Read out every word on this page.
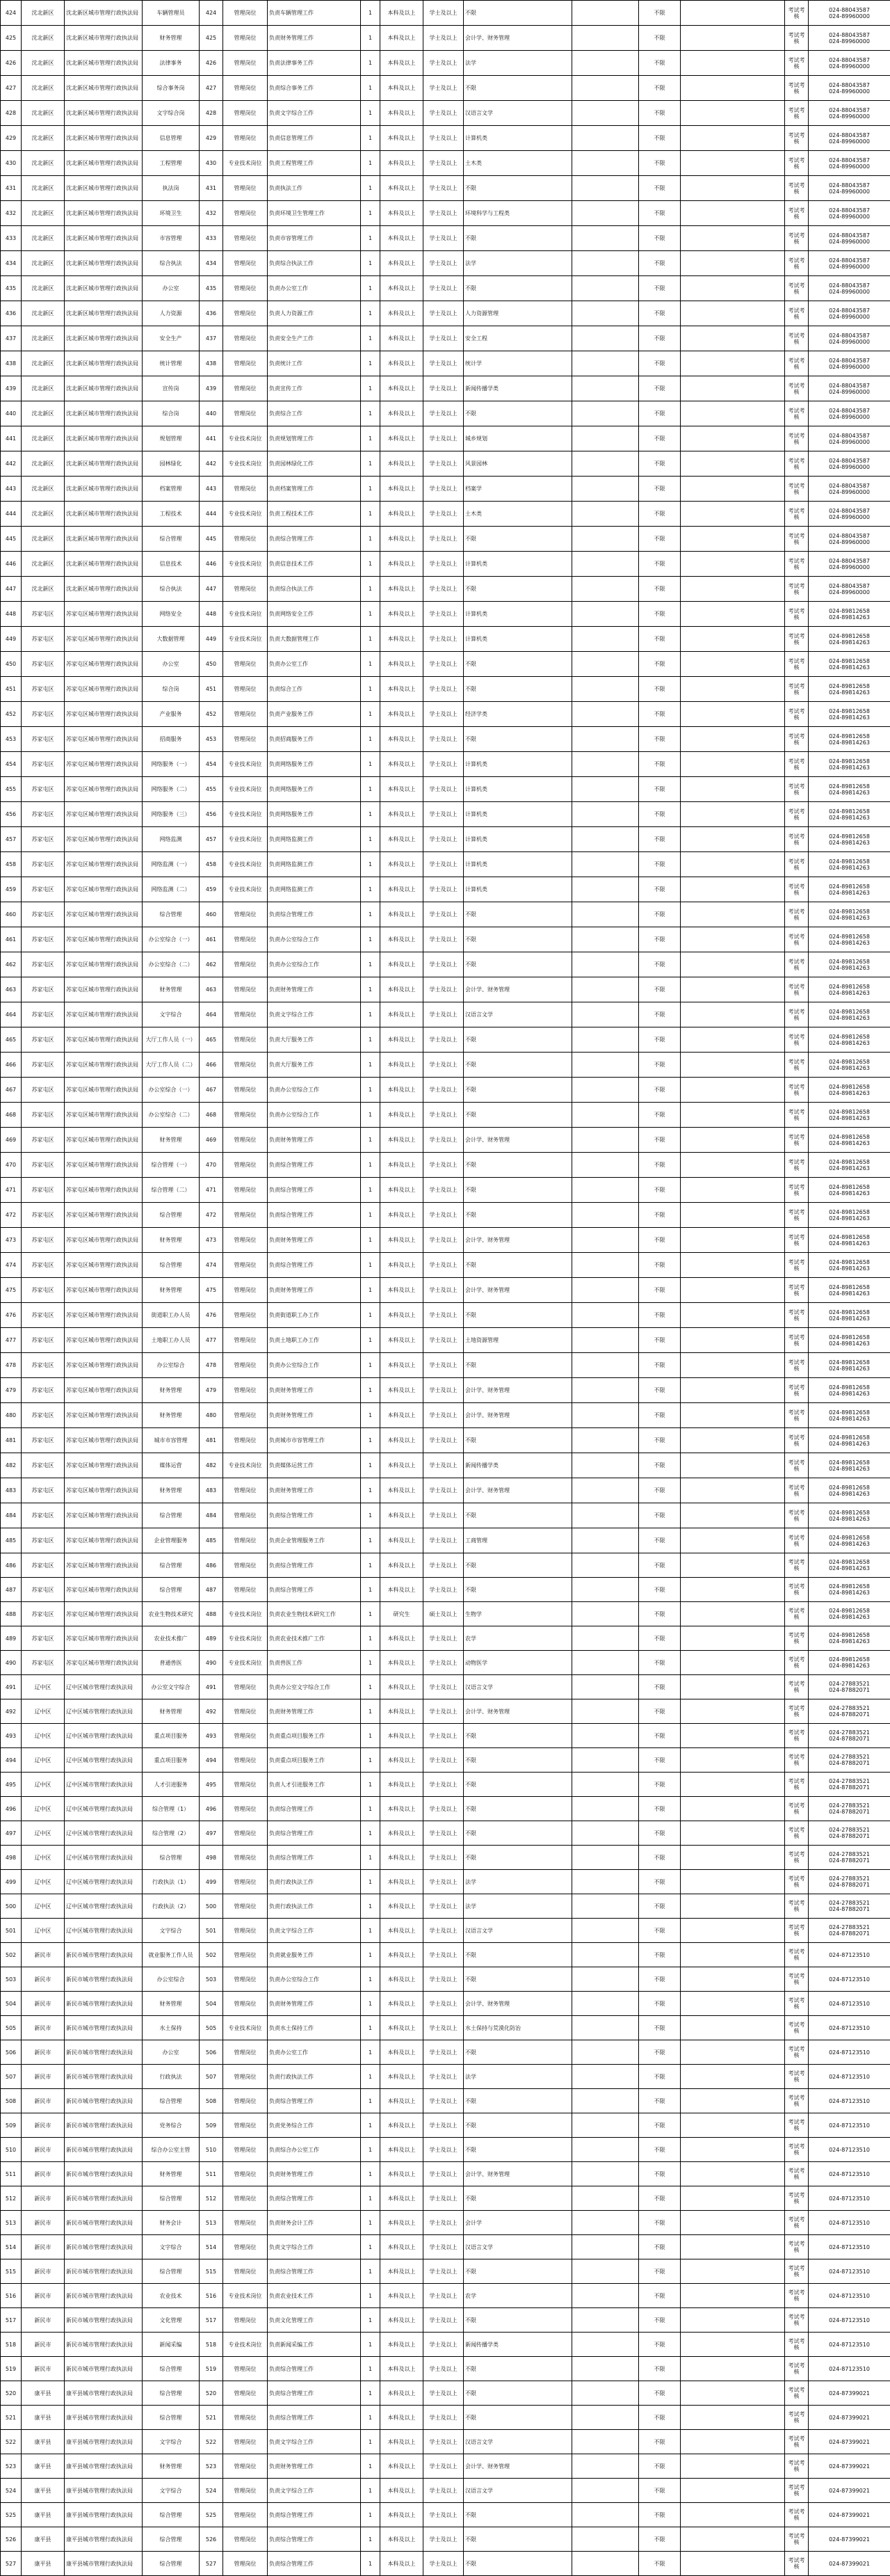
424	沈北新区	沈北新区城市管理行政执法局	车辆管理员	424	管理岗位	负责车辆管理工作	1	本科及以上	学士及以上	不限		不限		考试考核	024-88043587
024-89960000
425	沈北新区	沈北新区城市管理行政执法局	财务管理	425	管理岗位	负责财务管理工作	1	本科及以上	学士及以上	会计学、财务管理		不限		考试考核	024-88043587
024-89960000
426	沈北新区	沈北新区城市管理行政执法局	法律事务	426	管理岗位	负责法律事务工作	1	本科及以上	学士及以上	法学		不限		考试考核	024-88043587
024-89960000
427	沈北新区	沈北新区城市管理行政执法局	综合事务岗	427	管理岗位	负责综合事务工作	1	本科及以上	学士及以上	不限		不限		考试考核	024-88043587
024-89960000
428	沈北新区	沈北新区城市管理行政执法局	文字综合岗	428	管理岗位	负责文字综合工作	1	本科及以上	学士及以上	汉语言文学		不限		考试考核	024-88043587
024-89960000
429	沈北新区	沈北新区城市管理行政执法局	信息管理	429	管理岗位	负责信息管理工作	1	本科及以上	学士及以上	计算机类		不限		考试考核	024-88043587
024-89960000
430	沈北新区	沈北新区城市管理行政执法局	工程管理	430	专业技术岗位	负责工程管理工作	1	本科及以上	学士及以上	土木类		不限		考试考核	024-88043587
024-89960000
431	沈北新区	沈北新区城市管理行政执法局	执法岗	431	管理岗位	负责执法工作	1	本科及以上	学士及以上	不限		不限		考试考核	024-88043587
024-89960000
432	沈北新区	沈北新区城市管理行政执法局	环境卫生	432	管理岗位	负责环境卫生管理工作	1	本科及以上	学士及以上	环境科学与工程类		不限		考试考核	024-88043587
024-89960000
433	沈北新区	沈北新区城市管理行政执法局	市容管理	433	管理岗位	负责市容管理工作	1	本科及以上	学士及以上	不限		不限		考试考核	024-88043587
024-89960000
434	沈北新区	沈北新区城市管理行政执法局	综合执法	434	管理岗位	负责综合执法工作	1	本科及以上	学士及以上	法学		不限		考试考核	024-88043587
024-89960000
435	沈北新区	沈北新区城市管理行政执法局	办公室	435	管理岗位	负责办公室工作	1	本科及以上	学士及以上	不限		不限		考试考核	024-88043587
024-89960000
436	沈北新区	沈北新区城市管理行政执法局	人力资源	436	管理岗位	负责人力资源工作	1	本科及以上	学士及以上	人力资源管理		不限		考试考核	024-88043587
024-89960000
437	沈北新区	沈北新区城市管理行政执法局	安全生产	437	管理岗位	负责安全生产工作	1	本科及以上	学士及以上	安全工程		不限		考试考核	024-88043587
024-89960000
438	沈北新区	沈北新区城市管理行政执法局	统计管理	438	管理岗位	负责统计工作	1	本科及以上	学士及以上	统计学		不限		考试考核	024-88043587
024-89960000
439	沈北新区	沈北新区城市管理行政执法局	宣传岗	439	管理岗位	负责宣传工作	1	本科及以上	学士及以上	新闻传播学类		不限		考试考核	024-88043587
024-89960000
440	沈北新区	沈北新区城市管理行政执法局	综合岗	440	管理岗位	负责综合工作	1	本科及以上	学士及以上	不限		不限		考试考核	024-88043587
024-89960000
441	沈北新区	沈北新区城市管理行政执法局	规划管理	441	专业技术岗位	负责规划管理工作	1	本科及以上	学士及以上	城乡规划		不限		考试考核	024-88043587
024-89960000
442	沈北新区	沈北新区城市管理行政执法局	园林绿化	442	专业技术岗位	负责园林绿化工作	1	本科及以上	学士及以上	风景园林		不限		考试考核	024-88043587
024-89960000
443	沈北新区	沈北新区城市管理行政执法局	档案管理	443	管理岗位	负责档案管理工作	1	本科及以上	学士及以上	档案学		不限		考试考核	024-88043587
024-89960000
444	沈北新区	沈北新区城市管理行政执法局	工程技术	444	专业技术岗位	负责工程技术工作	1	本科及以上	学士及以上	土木类		不限		考试考核	024-88043587
024-89960000
445	沈北新区	沈北新区城市管理行政执法局	综合管理	445	管理岗位	负责综合管理工作	1	本科及以上	学士及以上	不限		不限		考试考核	024-88043587
024-89960000
446	沈北新区	沈北新区城市管理行政执法局	信息技术	446	专业技术岗位	负责信息技术工作	1	本科及以上	学士及以上	计算机类		不限		考试考核	024-88043587
024-89960000
447	沈北新区	沈北新区城市管理行政执法局	综合执法	447	管理岗位	负责综合执法工作	1	本科及以上	学士及以上	不限		不限		考试考核	024-88043587
024-89960000
448	苏家屯区	苏家屯区城市管理行政执法局	网络安全	448	专业技术岗位	负责网络安全工作	1	本科及以上	学士及以上	计算机类		不限		考试考核	024-89812658
024-89814263
449	苏家屯区	苏家屯区城市管理行政执法局	大数据管理	449	专业技术岗位	负责大数据管理工作	1	本科及以上	学士及以上	计算机类		不限		考试考核	024-89812658
024-89814263
450	苏家屯区	苏家屯区城市管理行政执法局	办公室	450	管理岗位	负责办公室工作	1	本科及以上	学士及以上	不限		不限		考试考核	024-89812658
024-89814263
451	苏家屯区	苏家屯区城市管理行政执法局	综合岗	451	管理岗位	负责综合工作	1	本科及以上	学士及以上	不限		不限		考试考核	024-89812658
024-89814263
452	苏家屯区	苏家屯区城市管理行政执法局	产业服务	452	管理岗位	负责产业服务工作	1	本科及以上	学士及以上	经济学类		不限		考试考核	024-89812658
024-89814263
453	苏家屯区	苏家屯区城市管理行政执法局	招商服务	453	管理岗位	负责招商服务工作	1	本科及以上	学士及以上	不限		不限		考试考核	024-89812658
024-89814263
454	苏家屯区	苏家屯区城市管理行政执法局	网络服务（一）	454	专业技术岗位	负责网络服务工作	1	本科及以上	学士及以上	计算机类		不限		考试考核	024-89812658
024-89814263
455	苏家屯区	苏家屯区城市管理行政执法局	网络服务（二）	455	专业技术岗位	负责网络服务工作	1	本科及以上	学士及以上	计算机类		不限		考试考核	024-89812658
024-89814263
456	苏家屯区	苏家屯区城市管理行政执法局	网络服务（三）	456	专业技术岗位	负责网络服务工作	1	本科及以上	学士及以上	计算机类		不限		考试考核	024-89812658
024-89814263
457	苏家屯区	苏家屯区城市管理行政执法局	网络监测	457	专业技术岗位	负责网络监测工作	1	本科及以上	学士及以上	计算机类		不限		考试考核	024-89812658
024-89814263
458	苏家屯区	苏家屯区城市管理行政执法局	网络监测（一）	458	专业技术岗位	负责网络监测工作	1	本科及以上	学士及以上	计算机类		不限		考试考核	024-89812658
024-89814263
459	苏家屯区	苏家屯区城市管理行政执法局	网络监测（二）	459	专业技术岗位	负责网络监测工作	1	本科及以上	学士及以上	计算机类		不限		考试考核	024-89812658
024-89814263
460	苏家屯区	苏家屯区城市管理行政执法局	综合管理	460	管理岗位	负责综合管理工作	1	本科及以上	学士及以上	不限		不限		考试考核	024-89812658
024-89814263
461	苏家屯区	苏家屯区城市管理行政执法局	办公室综合（一）	461	管理岗位	负责办公室综合工作	1	本科及以上	学士及以上	不限		不限		考试考核	024-89812658
024-89814263
462	苏家屯区	苏家屯区城市管理行政执法局	办公室综合（二）	462	管理岗位	负责办公室综合工作	1	本科及以上	学士及以上	不限		不限		考试考核	024-89812658
024-89814263
463	苏家屯区	苏家屯区城市管理行政执法局	财务管理	463	管理岗位	负责财务管理工作	1	本科及以上	学士及以上	会计学、财务管理		不限		考试考核	024-89812658
024-89814263
464	苏家屯区	苏家屯区城市管理行政执法局	文字综合	464	管理岗位	负责文字综合工作	1	本科及以上	学士及以上	汉语言文学		不限		考试考核	024-89812658
024-89814263
465	苏家屯区	苏家屯区城市管理行政执法局	大厅工作人员（一）	465	管理岗位	负责大厅服务工作	1	本科及以上	学士及以上	不限		不限		考试考核	024-89812658
024-89814263
466	苏家屯区	苏家屯区城市管理行政执法局	大厅工作人员（二）	466	管理岗位	负责大厅服务工作	1	本科及以上	学士及以上	不限		不限		考试考核	024-89812658
024-89814263
467	苏家屯区	苏家屯区城市管理行政执法局	办公室综合（一）	467	管理岗位	负责办公室综合工作	1	本科及以上	学士及以上	不限		不限		考试考核	024-89812658
024-89814263
468	苏家屯区	苏家屯区城市管理行政执法局	办公室综合（二）	468	管理岗位	负责办公室综合工作	1	本科及以上	学士及以上	不限		不限		考试考核	024-89812658
024-89814263
469	苏家屯区	苏家屯区城市管理行政执法局	财务管理	469	管理岗位	负责财务管理工作	1	本科及以上	学士及以上	会计学、财务管理		不限		考试考核	024-89812658
024-89814263
470	苏家屯区	苏家屯区城市管理行政执法局	综合管理（一）	470	管理岗位	负责综合管理工作	1	本科及以上	学士及以上	不限		不限		考试考核	024-89812658
024-89814263
471	苏家屯区	苏家屯区城市管理行政执法局	综合管理（二）	471	管理岗位	负责综合管理工作	1	本科及以上	学士及以上	不限		不限		考试考核	024-89812658
024-89814263
472	苏家屯区	苏家屯区城市管理行政执法局	综合管理	472	管理岗位	负责综合管理工作	1	本科及以上	学士及以上	不限		不限		考试考核	024-89812658
024-89814263
473	苏家屯区	苏家屯区城市管理行政执法局	财务管理	473	管理岗位	负责财务管理工作	1	本科及以上	学士及以上	会计学、财务管理		不限		考试考核	024-89812658
024-89814263
474	苏家屯区	苏家屯区城市管理行政执法局	综合管理	474	管理岗位	负责综合管理工作	1	本科及以上	学士及以上	不限		不限		考试考核	024-89812658
024-89814263
475	苏家屯区	苏家屯区城市管理行政执法局	财务管理	475	管理岗位	负责财务管理工作	1	本科及以上	学士及以上	会计学、财务管理		不限		考试考核	024-89812658
024-89814263
476	苏家屯区	苏家屯区城市管理行政执法局	街道职工办人员	476	管理岗位	负责街道职工办工作	1	本科及以上	学士及以上	不限		不限		考试考核	024-89812658
024-89814263
477	苏家屯区	苏家屯区城市管理行政执法局	土地职工办人员	477	管理岗位	负责土地职工办工作	1	本科及以上	学士及以上	土地资源管理		不限		考试考核	024-89812658
024-89814263
478	苏家屯区	苏家屯区城市管理行政执法局	办公室综合	478	管理岗位	负责办公室综合工作	1	本科及以上	学士及以上	不限		不限		考试考核	024-89812658
024-89814263
479	苏家屯区	苏家屯区城市管理行政执法局	财务管理	479	管理岗位	负责财务管理工作	1	本科及以上	学士及以上	会计学、财务管理		不限		考试考核	024-89812658
024-89814263
480	苏家屯区	苏家屯区城市管理行政执法局	财务管理	480	管理岗位	负责财务管理工作	1	本科及以上	学士及以上	会计学、财务管理		不限		考试考核	024-89812658
024-89814263
481	苏家屯区	苏家屯区城市管理行政执法局	城市市容管理	481	管理岗位	负责城市市容管理工作	1	本科及以上	学士及以上	不限		不限		考试考核	024-89812658
024-89814263
482	苏家屯区	苏家屯区城市管理行政执法局	媒体运营	482	专业技术岗位	负责媒体运营工作	1	本科及以上	学士及以上	新闻传播学类		不限		考试考核	024-89812658
024-89814263
483	苏家屯区	苏家屯区城市管理行政执法局	财务管理	483	管理岗位	负责财务管理工作	1	本科及以上	学士及以上	会计学、财务管理		不限		考试考核	024-89812658
024-89814263
484	苏家屯区	苏家屯区城市管理行政执法局	综合管理	484	管理岗位	负责综合管理工作	1	本科及以上	学士及以上	不限		不限		考试考核	024-89812658
024-89814263
485	苏家屯区	苏家屯区城市管理行政执法局	企业管理服务	485	管理岗位	负责企业管理服务工作	1	本科及以上	学士及以上	工商管理		不限		考试考核	024-89812658
024-89814263
486	苏家屯区	苏家屯区城市管理行政执法局	综合管理	486	管理岗位	负责综合管理工作	1	本科及以上	学士及以上	不限		不限		考试考核	024-89812658
024-89814263
487	苏家屯区	苏家屯区城市管理行政执法局	综合管理	487	管理岗位	负责综合管理工作	1	本科及以上	学士及以上	不限		不限		考试考核	024-89812658
024-89814263
488	苏家屯区	苏家屯区城市管理行政执法局	农业生物技术研究	488	专业技术岗位	负责农业生物技术研究工作	1	研究生	硕士及以上	生物学		不限		考试考核	024-89812658
024-89814263
489	苏家屯区	苏家屯区城市管理行政执法局	农业技术推广	489	专业技术岗位	负责农业技术推广工作	1	本科及以上	学士及以上	农学		不限		考试考核	024-89812658
024-89814263
490	苏家屯区	苏家屯区城市管理行政执法局	普通兽医	490	专业技术岗位	负责兽医工作	1	本科及以上	学士及以上	动物医学		不限		考试考核	024-89812658
024-89814263
491	辽中区	辽中区城市管理行政执法局	办公室文字综合	491	管理岗位	负责办公室文字综合工作	1	本科及以上	学士及以上	汉语言文学		不限		考试考核	024-27883521
024-87882071
492	辽中区	辽中区城市管理行政执法局	财务管理	492	管理岗位	负责财务管理工作	1	本科及以上	学士及以上	会计学、财务管理		不限		考试考核	024-27883521
024-87882071
493	辽中区	辽中区城市管理行政执法局	重点项目服务	493	管理岗位	负责重点项目服务工作	1	本科及以上	学士及以上	不限		不限		考试考核	024-27883521
024-87882071
494	辽中区	辽中区城市管理行政执法局	重点项目服务	494	管理岗位	负责重点项目服务工作	1	本科及以上	学士及以上	不限		不限		考试考核	024-27883521
024-87882071
495	辽中区	辽中区城市管理行政执法局	人才引进服务	495	管理岗位	负责人才引进服务工作	1	本科及以上	学士及以上	不限		不限		考试考核	024-27883521
024-87882071
496	辽中区	辽中区城市管理行政执法局	综合管理（1）	496	管理岗位	负责综合管理工作	1	本科及以上	学士及以上	不限		不限		考试考核	024-27883521
024-87882071
497	辽中区	辽中区城市管理行政执法局	综合管理（2）	497	管理岗位	负责综合管理工作	1	本科及以上	学士及以上	不限		不限		考试考核	024-27883521
024-87882071
498	辽中区	辽中区城市管理行政执法局	综合管理	498	管理岗位	负责综合管理工作	1	本科及以上	学士及以上	不限		不限		考试考核	024-27883521
024-87882071
499	辽中区	辽中区城市管理行政执法局	行政执法（1）	499	管理岗位	负责行政执法工作	1	本科及以上	学士及以上	法学		不限		考试考核	024-27883521
024-87882071
500	辽中区	辽中区城市管理行政执法局	行政执法（2）	500	管理岗位	负责行政执法工作	1	本科及以上	学士及以上	法学		不限		考试考核	024-27883521
024-87882071
501	辽中区	辽中区城市管理行政执法局	文字综合	501	管理岗位	负责文字综合工作	1	本科及以上	学士及以上	汉语言文学		不限		考试考核	024-27883521
024-87882071
502	新民市	新民市城市管理行政执法局	就业服务工作人员	502	管理岗位	负责就业服务工作	1	本科及以上	学士及以上	不限		不限		考试考核	024-87123510
503	新民市	新民市城市管理行政执法局	办公室综合	503	管理岗位	负责办公室综合工作	1	本科及以上	学士及以上	不限		不限		考试考核	024-87123510
504	新民市	新民市城市管理行政执法局	财务管理	504	管理岗位	负责财务管理工作	1	本科及以上	学士及以上	会计学、财务管理		不限		考试考核	024-87123510
505	新民市	新民市城市管理行政执法局	水土保持	505	专业技术岗位	负责水土保持工作	1	本科及以上	学士及以上	水土保持与荒漠化防治		不限		考试考核	024-87123510
506	新民市	新民市城市管理行政执法局	办公室	506	管理岗位	负责办公室工作	1	本科及以上	学士及以上	不限		不限		考试考核	024-87123510
507	新民市	新民市城市管理行政执法局	行政执法	507	管理岗位	负责行政执法工作	1	本科及以上	学士及以上	法学		不限		考试考核	024-87123510
508	新民市	新民市城市管理行政执法局	综合管理	508	管理岗位	负责综合管理工作	1	本科及以上	学士及以上	不限		不限		考试考核	024-87123510
509	新民市	新民市城市管理行政执法局	党务综合	509	管理岗位	负责党务综合工作	1	本科及以上	学士及以上	不限		不限		考试考核	024-87123510
510	新民市	新民市城市管理行政执法局	综合办公室主管	510	管理岗位	负责综合办公室工作	1	本科及以上	学士及以上	不限		不限		考试考核	024-87123510
511	新民市	新民市城市管理行政执法局	财务管理	511	管理岗位	负责财务管理工作	1	本科及以上	学士及以上	会计学、财务管理		不限		考试考核	024-87123510
512	新民市	新民市城市管理行政执法局	综合管理	512	管理岗位	负责综合管理工作	1	本科及以上	学士及以上	不限		不限		考试考核	024-87123510
513	新民市	新民市城市管理行政执法局	财务会计	513	管理岗位	负责财务会计工作	1	本科及以上	学士及以上	会计学		不限		考试考核	024-87123510
514	新民市	新民市城市管理行政执法局	文字综合	514	管理岗位	负责文字综合工作	1	本科及以上	学士及以上	汉语言文学		不限		考试考核	024-87123510
515	新民市	新民市城市管理行政执法局	综合管理	515	管理岗位	负责综合管理工作	1	本科及以上	学士及以上	不限		不限		考试考核	024-87123510
516	新民市	新民市城市管理行政执法局	农业技术	516	专业技术岗位	负责农业技术工作	1	本科及以上	学士及以上	农学		不限		考试考核	024-87123510
517	新民市	新民市城市管理行政执法局	文化管理	517	管理岗位	负责文化管理工作	1	本科及以上	学士及以上	不限		不限		考试考核	024-87123510
518	新民市	新民市城市管理行政执法局	新闻采编	518	专业技术岗位	负责新闻采编工作	1	本科及以上	学士及以上	新闻传播学类		不限		考试考核	024-87123510
519	新民市	新民市城市管理行政执法局	综合管理	519	管理岗位	负责综合管理工作	1	本科及以上	学士及以上	不限		不限		考试考核	024-87123510
520	康平县	康平县城市管理行政执法局	综合管理	520	管理岗位	负责综合管理工作	1	本科及以上	学士及以上	不限		不限		考试考核	024-87399021
521	康平县	康平县城市管理行政执法局	综合管理	521	管理岗位	负责综合管理工作	1	本科及以上	学士及以上	不限		不限		考试考核	024-87399021
522	康平县	康平县城市管理行政执法局	文字综合	522	管理岗位	负责文字综合工作	1	本科及以上	学士及以上	汉语言文学		不限		考试考核	024-87399021
523	康平县	康平县城市管理行政执法局	财务管理	523	管理岗位	负责财务管理工作	1	本科及以上	学士及以上	会计学、财务管理		不限		考试考核	024-87399021
524	康平县	康平县城市管理行政执法局	文字综合	524	管理岗位	负责文字综合工作	1	本科及以上	学士及以上	汉语言文学		不限		考试考核	024-87399021
525	康平县	康平县城市管理行政执法局	综合管理	525	管理岗位	负责综合管理工作	1	本科及以上	学士及以上	不限		不限		考试考核	024-87399021
526	康平县	康平县城市管理行政执法局	综合管理	526	管理岗位	负责综合管理工作	1	本科及以上	学士及以上	不限		不限		考试考核	024-87399021
527	康平县	康平县城市管理行政执法局	综合管理	527	管理岗位	负责综合管理工作	1	本科及以上	学士及以上	不限		不限		考试考核	024-87399021
